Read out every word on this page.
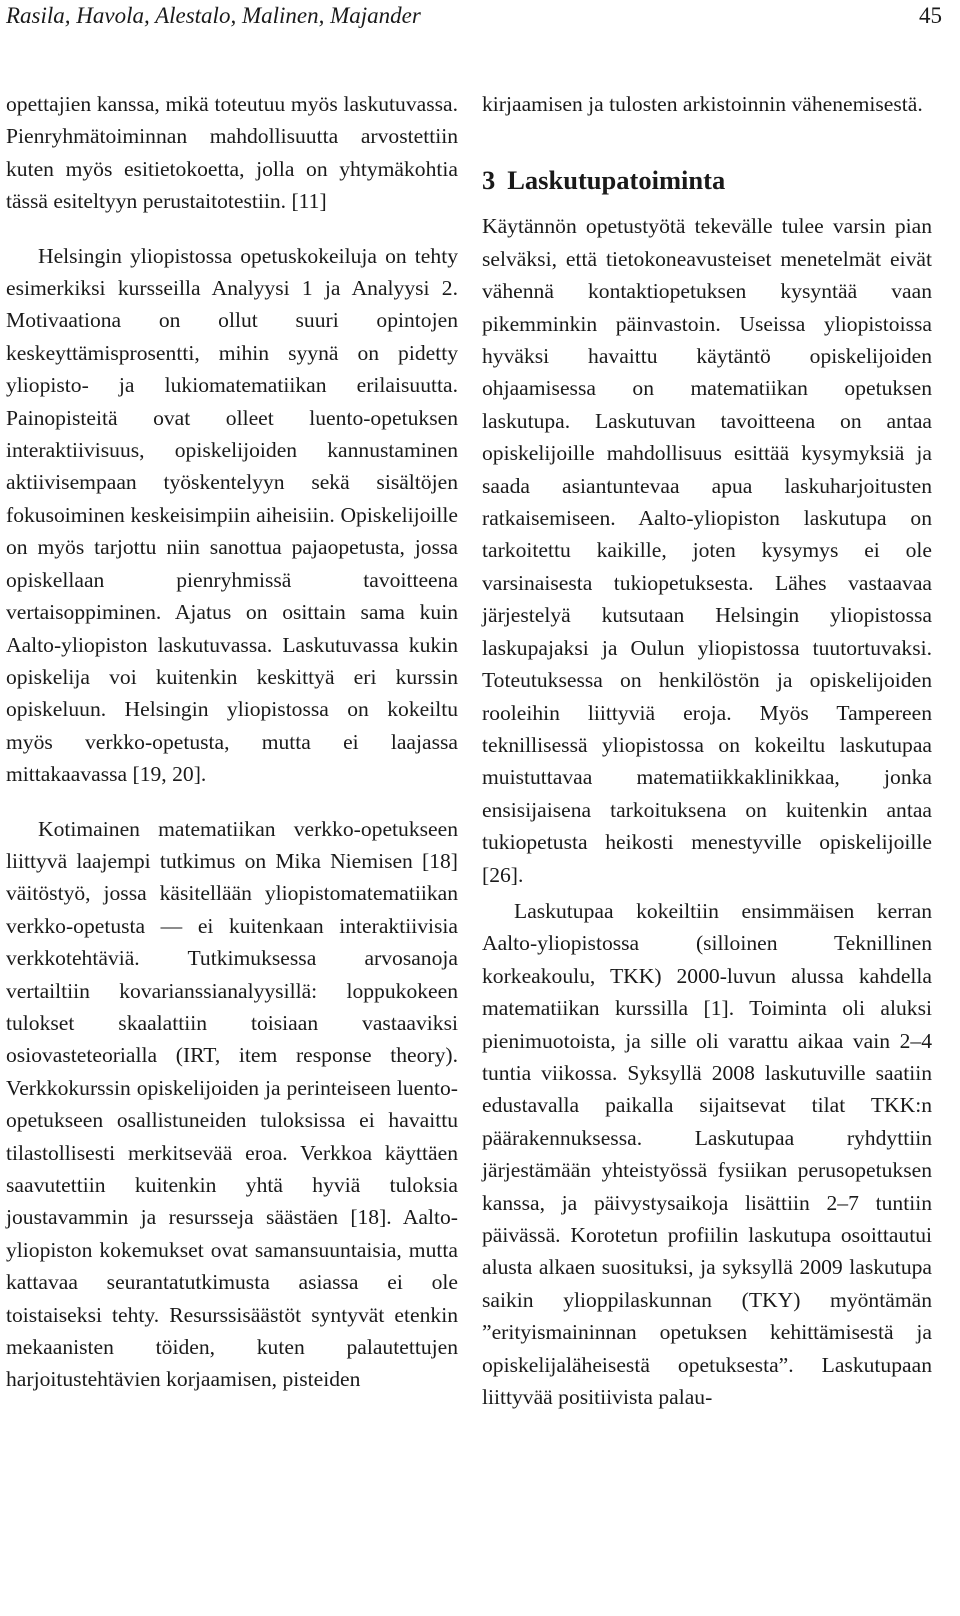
Rasila, Havola, Alestalo, Malinen, Majander	45

opettajien kanssa, mikä toteutuu myös laskutuvassa. Pienryhmätoiminnan mahdollisuutta arvostettiin kuten myös esitietokoetta, jolla on yhtymäkohtia tässä esiteltyyn perustaitotestiin. [11]

Helsingin yliopistossa opetuskokeiluja on tehty esimerkiksi kursseilla Analyysi 1 ja Analyysi 2. Motivaationa on ollut suuri opintojen keskeyttämisprosentti, mihin syynä on pidetty yliopisto- ja lukiomatematiikan erilaisuutta. Painopisteitä ovat olleet luento-opetuksen interaktiivisuus, opiskelijoiden kannustaminen aktiivisempaan työskentelyyn sekä sisältöjen fokusoiminen keskeisimpiin aiheisiin. Opiskelijoille on myös tarjottu niin sanottua pajaopetusta, jossa opiskellaan pienryhmissä tavoitteena vertaisoppiminen. Ajatus on osittain sama kuin Aalto-yliopiston laskutuvassa. Laskutuvassa kukin opiskelija voi kuitenkin keskittyä eri kurssin opiskeluun. Helsingin yliopistossa on kokeiltu myös verkko-opetusta, mutta ei laajassa mittakaavassa [19, 20].

Kotimainen matematiikan verkko-opetukseen liittyvä laajempi tutkimus on Mika Niemisen [18] väitöstyö, jossa käsitellään yliopistomatematiikan verkko-opetusta — ei kuitenkaan interaktiivisia verkkotehtäviä. Tutkimuksessa arvosanoja vertailtiin kovarianssianalyysillä: loppukokeen tulokset skaalattiin toisiaan vastaaviksi osiovasteteorialla (IRT, item response theory). Verkkokurssin opiskelijoiden ja perinteiseen luento-opetukseen osallistuneiden tuloksissa ei havaittu tilastollisesti merkitsevää eroa. Verkkoa käyttäen saavutettiin kuitenkin yhtä hyviä tuloksia joustavammin ja resursseja säästäen [18]. Aalto-yliopiston kokemukset ovat samansuuntaisia, mutta kattavaa seurantatutkimusta asiassa ei ole toistaiseksi tehty. Resurssisäästöt syntyvät etenkin mekaanisten töiden, kuten palautettujen harjoitustehtävien korjaamisen, pisteiden

kirjaamisen ja tulosten arkistoinnin vähenemisestä.

3 Laskutupatoiminta

Käytännön opetustyötä tekevälle tulee varsin pian selväksi, että tietokoneavusteiset menetelmät eivät vähennä kontaktiopetuksen kysyntää vaan pikemminkin päinvastoin. Useissa yliopistoissa hyväksi havaittu käytäntö opiskelijoiden ohjaamisessa on matematiikan opetuksen laskutupa. Laskutuvan tavoitteena on antaa opiskelijoille mahdollisuus esittää kysymyksiä ja saada asiantuntevaa apua laskuharjoitusten ratkaisemiseen. Aalto-yliopiston laskutupa on tarkoitettu kaikille, joten kysymys ei ole varsinaisesta tukiopetuksesta. Lähes vastaavaa järjestelyä kutsutaan Helsingin yliopistossa laskupajaksi ja Oulun yliopistossa tuutortuvaksi. Toteutuksessa on henkilöstön ja opiskelijoiden rooleihin liittyviä eroja. Myös Tampereen teknillisessä yliopistossa on kokeiltu laskutupaa muistuttavaa matematiikkaklinikkaa, jonka ensisijaisena tarkoituksena on kuitenkin antaa tukiopetusta heikosti menestyville opiskelijoille [26].

Laskutupaa kokeiltiin ensimmäisen kerran Aalto-yliopistossa (silloinen Teknillinen korkeakoulu, TKK) 2000-luvun alussa kahdella matematiikan kurssilla [1]. Toiminta oli aluksi pienimuotoista, ja sille oli varattu aikaa vain 2–4 tuntia viikossa. Syksyllä 2008 laskutuville saatiin edustavalla paikalla sijaitsevat tilat TKK:n päärakennuksessa. Laskutupaa ryhdyttiin järjestämään yhteistyössä fysiikan perusopetuksen kanssa, ja päivystysaikoja lisättiin 2–7 tuntiin päivässä. Korotetun profiilin laskutupa osoittautui alusta alkaen suosituksi, ja syksyllä 2009 laskutupa saikin ylioppilaskunnan (TKY) myöntämän ”erityismaininnan opetuksen kehittämisestä ja opiskelijaläheisestä opetuksesta”. Laskutupaan liittyvää positiivista palau-
